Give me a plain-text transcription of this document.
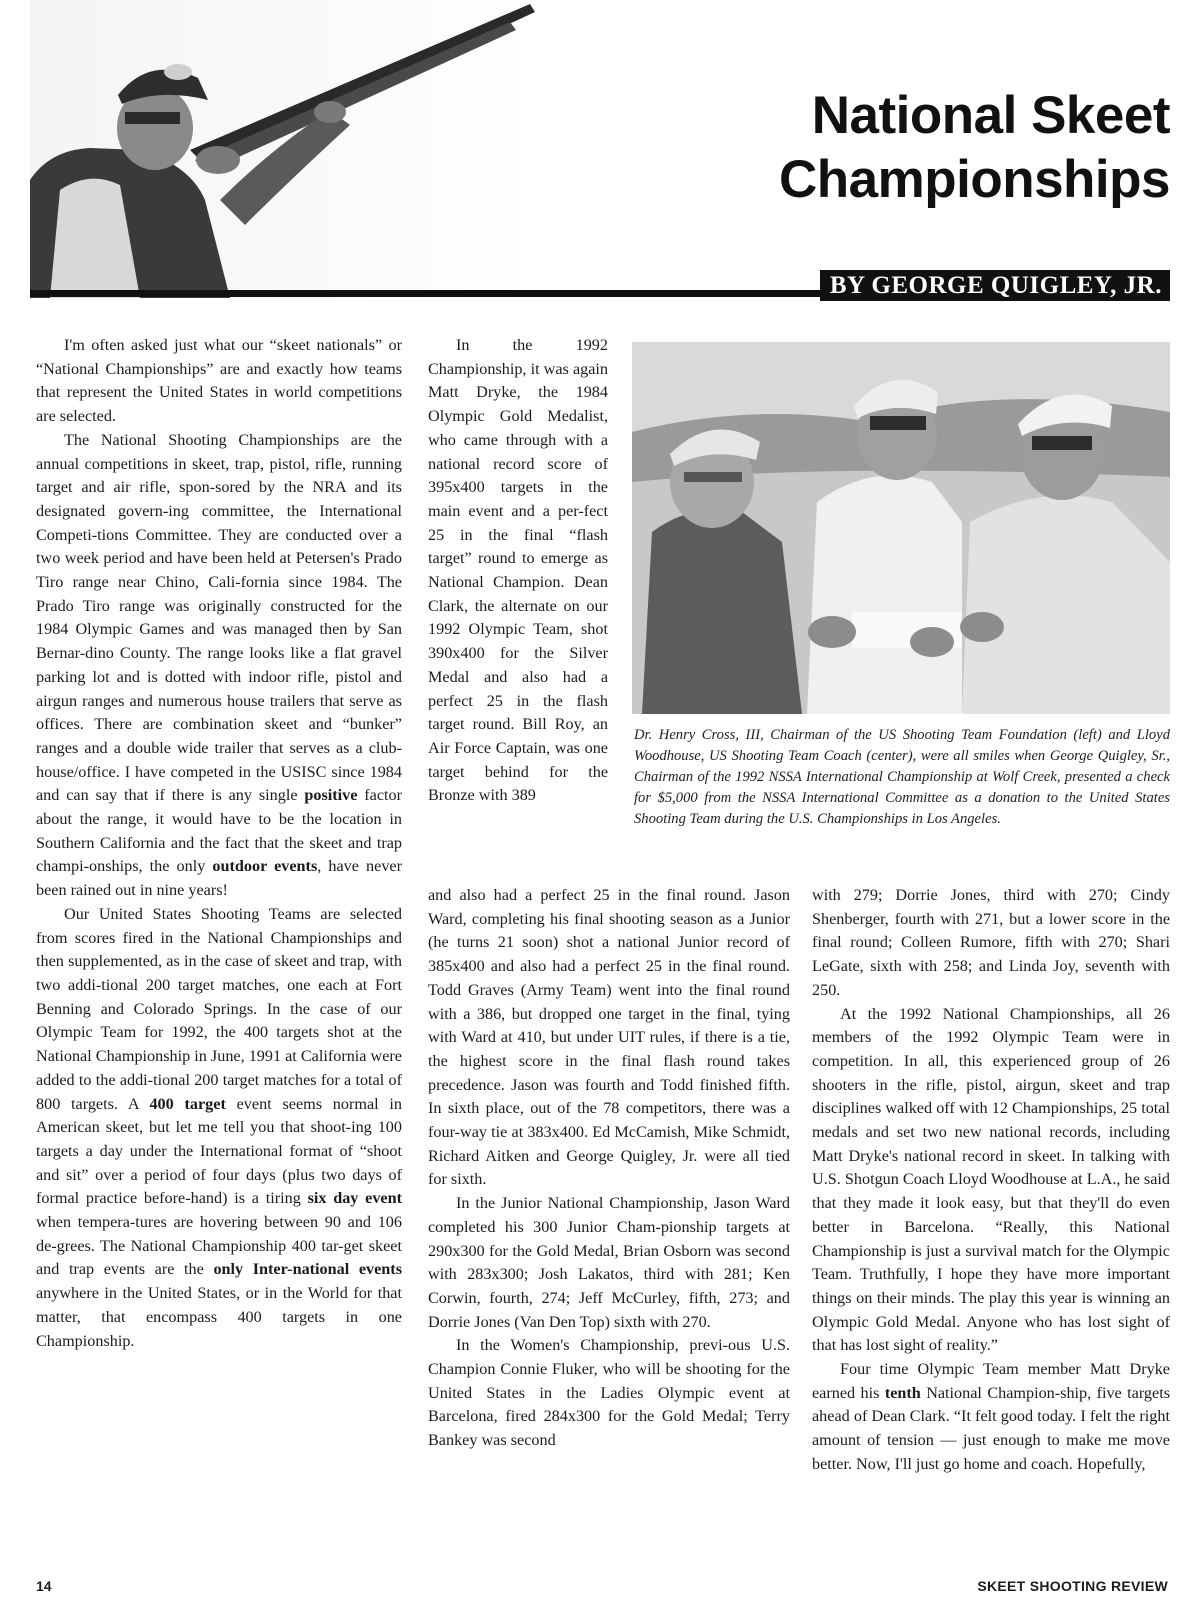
National Skeet
Championships
BY GEORGE QUIGLEY, JR.

I'm often asked just what our “skeet nationals” or “National Championships” are and exactly how teams that represent the United States in world competitions are selected.

The National Shooting Championships are the annual competitions in skeet, trap, pistol, rifle, running target and air rifle, spon-sored by the NRA and its designated govern-ing committee, the International Competi-tions Committee. They are conducted over a two week period and have been held at Petersen's Prado Tiro range near Chino, Cali-fornia since 1984. The Prado Tiro range was originally constructed for the 1984 Olympic Games and was managed then by San Bernar-dino County. The range looks like a flat gravel parking lot and is dotted with indoor rifle, pistol and airgun ranges and numerous house trailers that serve as offices. There are combination skeet and “bunker” ranges and a double wide trailer that serves as a club-house/office. I have competed in the USISC since 1984 and can say that if there is any single positive factor about the range, it would have to be the location in Southern California and the fact that the skeet and trap champi-onships, the only outdoor events, have never been rained out in nine years!

Our United States Shooting Teams are selected from scores fired in the National Championships and then supplemented, as in the case of skeet and trap, with two addi-tional 200 target matches, one each at Fort Benning and Colorado Springs. In the case of our Olympic Team for 1992, the 400 targets shot at the National Championship in June, 1991 at California were added to the addi-tional 200 target matches for a total of 800 targets. A 400 target event seems normal in American skeet, but let me tell you that shoot-ing 100 targets a day under the International format of “shoot and sit” over a period of four days (plus two days of formal practice before-hand) is a tiring six day event when tempera-tures are hovering between 90 and 106 de-grees. The National Championship 400 tar-get skeet and trap events are the only Inter-national events anywhere in the United States, or in the World for that matter, that encompass 400 targets in one Championship.

In the 1992 Championship, it was again Matt Dryke, the 1984 Olympic Gold Medalist, who came through with a national record score of 395x400 targets in the main event and a per-fect 25 in the final “flash target” round to emerge as National Champion. Dean Clark, the alternate on our 1992 Olympic Team, shot 390x400 for the Silver Medal and also had a perfect 25 in the flash target round. Bill Roy, an Air Force Captain, was one target behind for the Bronze with 389

Dr. Henry Cross, III, Chairman of the US Shooting Team Foundation (left) and Lloyd Woodhouse, US Shooting Team Coach (center), were all smiles when George Quigley, Sr., Chairman of the 1992 NSSA International Championship at Wolf Creek, presented a check for $5,000 from the NSSA International Committee as a donation to the United States Shooting Team during the U.S. Championships in Los Angeles.

and also had a perfect 25 in the final round. Jason Ward, completing his final shooting season as a Junior (he turns 21 soon) shot a national Junior record of 385x400 and also had a perfect 25 in the final round. Todd Graves (Army Team) went into the final round with a 386, but dropped one target in the final, tying with Ward at 410, but under UIT rules, if there is a tie, the highest score in the final flash round takes precedence. Jason was fourth and Todd finished fifth. In sixth place, out of the 78 competitors, there was a four-way tie at 383x400. Ed McCamish, Mike Schmidt, Richard Aitken and George Quigley, Jr. were all tied for sixth.

In the Junior National Championship, Jason Ward completed his 300 Junior Cham-pionship targets at 290x300 for the Gold Medal, Brian Osborn was second with 283x300; Josh Lakatos, third with 281; Ken Corwin, fourth, 274; Jeff McCurley, fifth, 273; and Dorrie Jones (Van Den Top) sixth with 270.

In the Women's Championship, previ-ous U.S. Champion Connie Fluker, who will be shooting for the United States in the Ladies Olympic event at Barcelona, fired 284x300 for the Gold Medal; Terry Bankey was second

with 279; Dorrie Jones, third with 270; Cindy Shenberger, fourth with 271, but a lower score in the final round; Colleen Rumore, fifth with 270; Shari LeGate, sixth with 258; and Linda Joy, seventh with 250.

At the 1992 National Championships, all 26 members of the 1992 Olympic Team were in competition. In all, this experienced group of 26 shooters in the rifle, pistol, airgun, skeet and trap disciplines walked off with 12 Championships, 25 total medals and set two new national records, including Matt Dryke's national record in skeet. In talking with U.S. Shotgun Coach Lloyd Woodhouse at L.A., he said that they made it look easy, but that they'll do even better in Barcelona. “Really, this National Championship is just a survival match for the Olympic Team. Truthfully, I hope they have more important things on their minds. The play this year is winning an Olympic Gold Medal. Anyone who has lost sight of that has lost sight of reality.”

Four time Olympic Team member Matt Dryke earned his tenth National Champion-ship, five targets ahead of Dean Clark. “It felt good today. I felt the right amount of tension — just enough to make me move better. Now, I'll just go home and coach. Hopefully,

14	SKEET SHOOTING REVIEW
